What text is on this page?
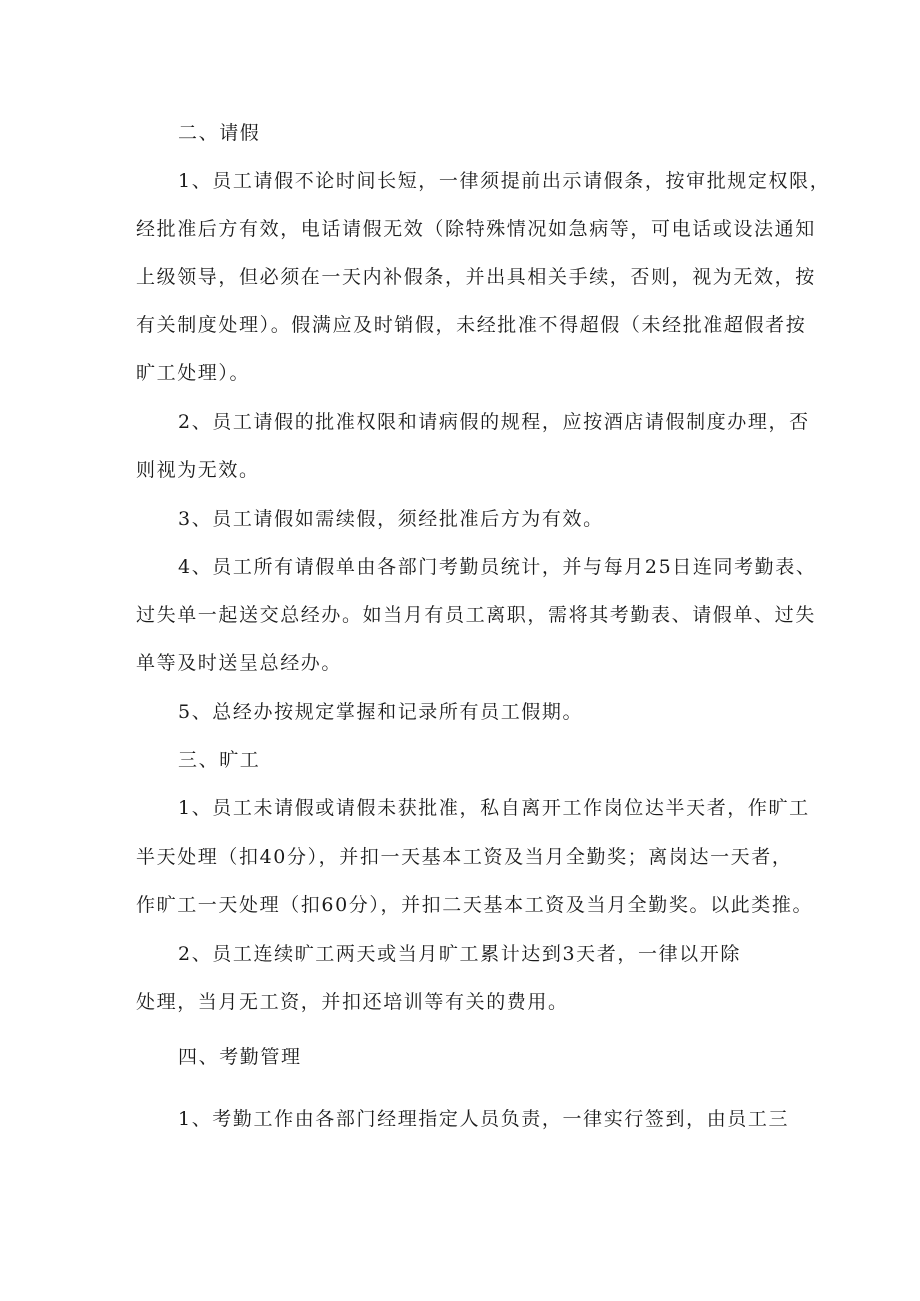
二、请假
1、员工请假不论时间长短，一律须提前出示请假条，按审批规定权限，
经批准后方有效，电话请假无效（除特殊情况如急病等，可电话或设法通知
上级领导，但必须在一天内补假条，并出具相关手续，否则，视为无效，按
有关制度处理）。假满应及时销假，未经批准不得超假（未经批准超假者按
旷工处理）。
2、员工请假的批准权限和请病假的规程，应按酒店请假制度办理，否
则视为无效。
3、员工请假如需续假，须经批准后方为有效。
4、员工所有请假单由各部门考勤员统计，并与每月25日连同考勤表、
过失单一起送交总经办。如当月有员工离职，需将其考勤表、请假单、过失
单等及时送呈总经办。
5、总经办按规定掌握和记录所有员工假期。
三、旷工
1、员工未请假或请假未获批准，私自离开工作岗位达半天者，作旷工
半天处理（扣40分），并扣一天基本工资及当月全勤奖；离岗达一天者，
作旷工一天处理（扣60分），并扣二天基本工资及当月全勤奖。以此类推。
2、员工连续旷工两天或当月旷工累计达到3天者，一律以开除
处理，当月无工资，并扣还培训等有关的费用。
四、考勤管理
1、考勤工作由各部门经理指定人员负责，一律实行签到，由员工三
